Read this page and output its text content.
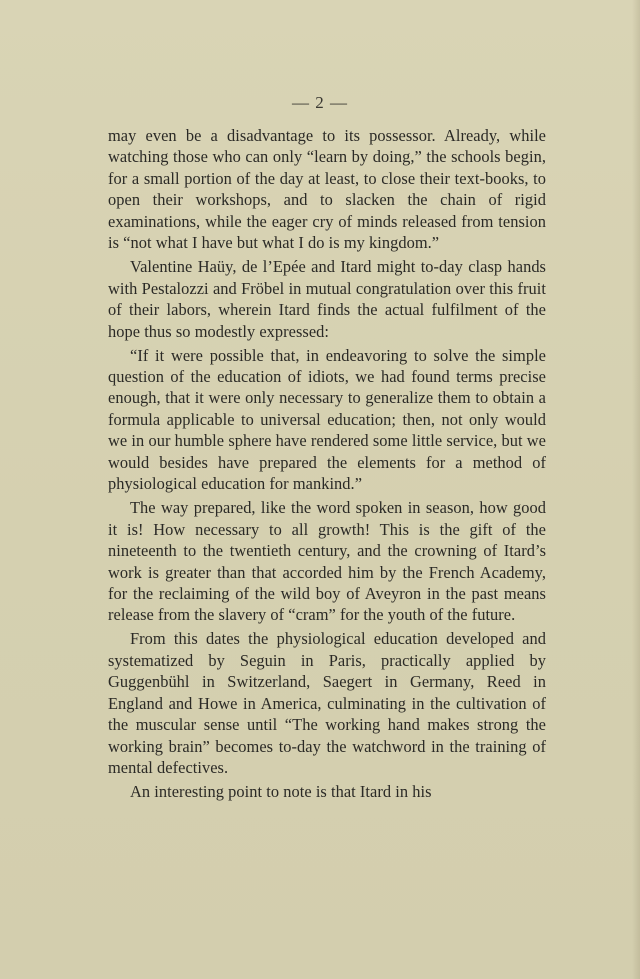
— 2 —

may even be a disadvantage to its possessor. Already, while watching those who can only “learn by doing,” the schools begin, for a small portion of the day at least, to close their text-books, to open their workshops, and to slacken the chain of rigid examinations, while the eager cry of minds released from tension is “not what I have but what I do is my kingdom.”

Valentine Haüy, de l’Epée and Itard might to-day clasp hands with Pestalozzi and Fröbel in mutual congratulation over this fruit of their labors, wherein Itard finds the actual fulfilment of the hope thus so modestly expressed:

“If it were possible that, in endeavoring to solve the simple question of the education of idiots, we had found terms precise enough, that it were only necessary to generalize them to obtain a formula applicable to universal education; then, not only would we in our humble sphere have rendered some little service, but we would besides have prepared the elements for a method of physiological education for mankind.”

The way prepared, like the word spoken in season, how good it is! How necessary to all growth! This is the gift of the nineteenth to the twentieth century, and the crowning of Itard’s work is greater than that accorded him by the French Academy, for the reclaiming of the wild boy of Aveyron in the past means release from the slavery of “cram” for the youth of the future.

From this dates the physiological education developed and systematized by Seguin in Paris, practically applied by Guggenbühl in Switzerland, Saegert in Germany, Reed in England and Howe in America, culminating in the cultivation of the muscular sense until “The working hand makes strong the working brain” becomes to-day the watchword in the training of mental defectives.

An interesting point to note is that Itard in his
